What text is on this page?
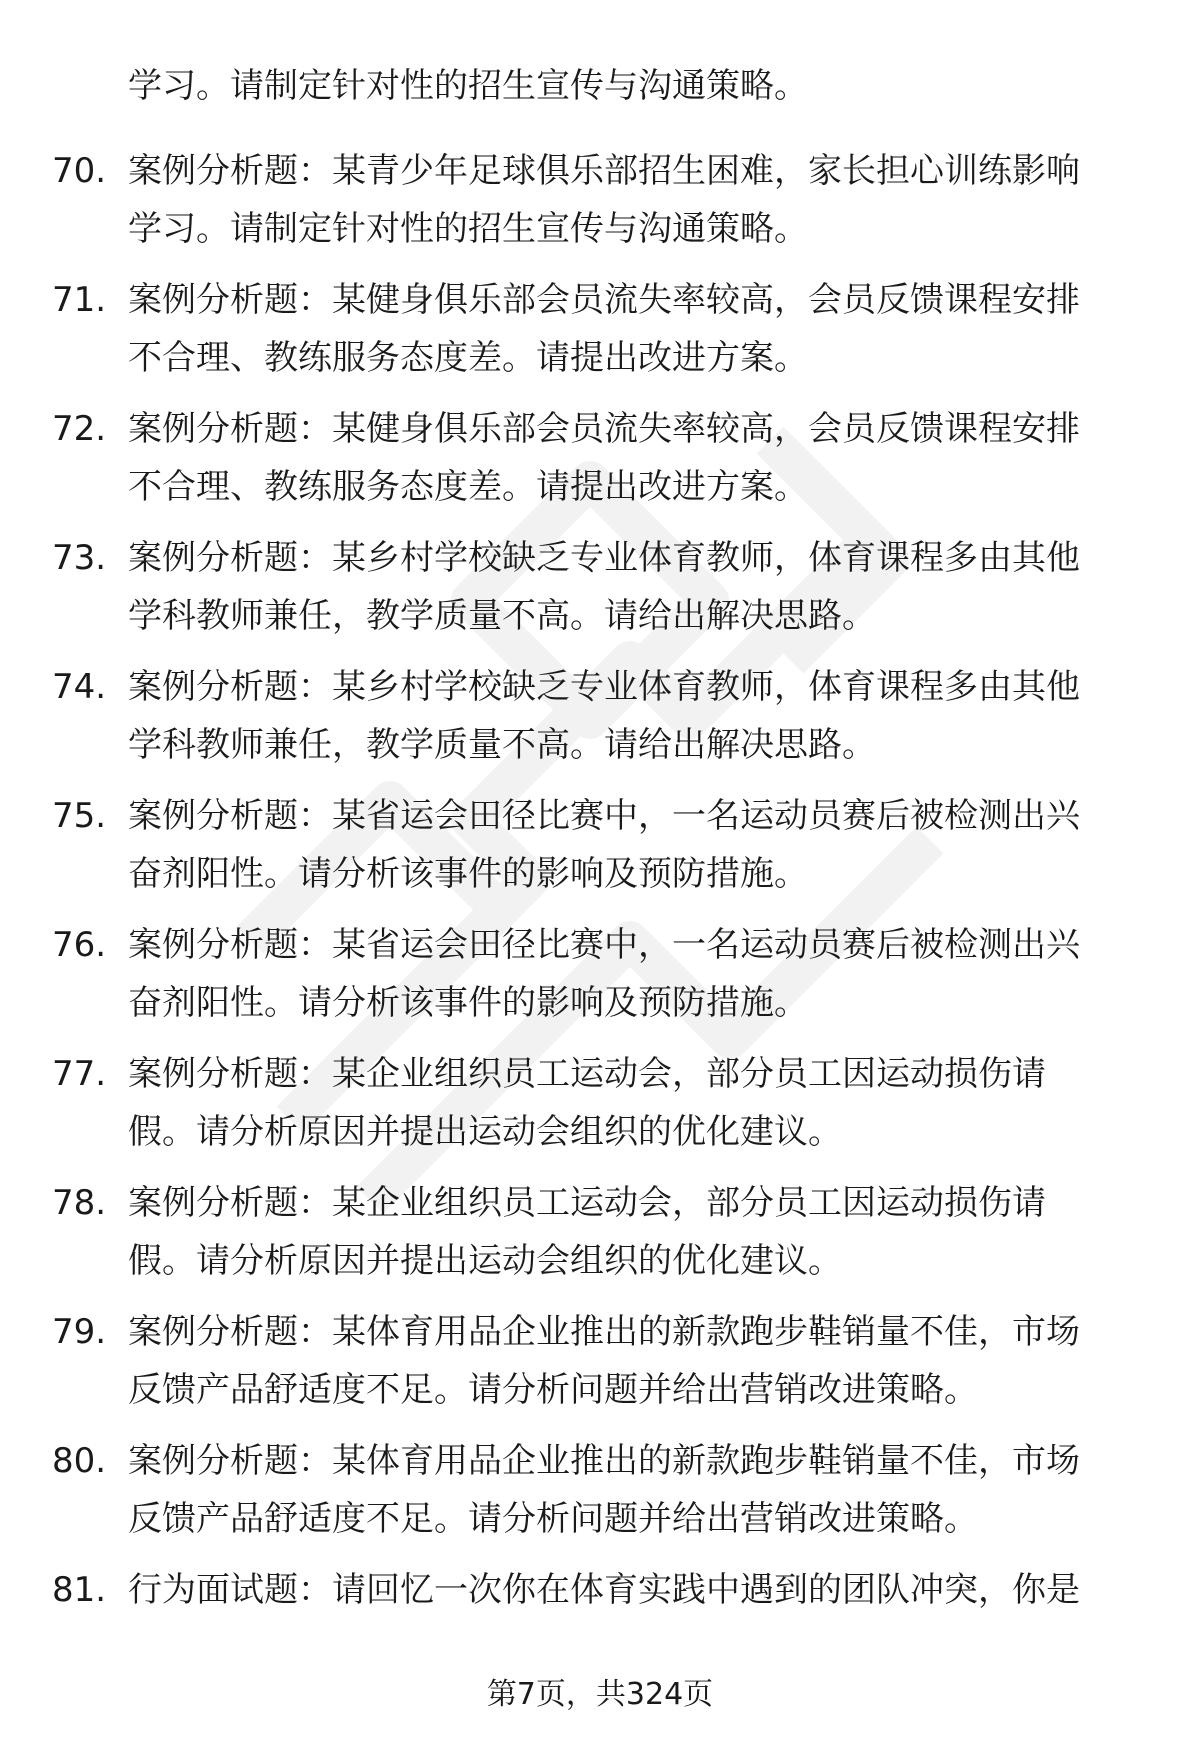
学习。请制定针对性的招生宣传与沟通策略。

70. 案例分析题：某青少年足球俱乐部招生困难，家长担心训练影响
学习。请制定针对性的招生宣传与沟通策略。
71. 案例分析题：某健身俱乐部会员流失率较高，会员反馈课程安排
不合理、教练服务态度差。请提出改进方案。
72. 案例分析题：某健身俱乐部会员流失率较高，会员反馈课程安排
不合理、教练服务态度差。请提出改进方案。
73. 案例分析题：某乡村学校缺乏专业体育教师，体育课程多由其他
学科教师兼任，教学质量不高。请给出解决思路。
74. 案例分析题：某乡村学校缺乏专业体育教师，体育课程多由其他
学科教师兼任，教学质量不高。请给出解决思路。
75. 案例分析题：某省运会田径比赛中，一名运动员赛后被检测出兴
奋剂阳性。请分析该事件的影响及预防措施。
76. 案例分析题：某省运会田径比赛中，一名运动员赛后被检测出兴
奋剂阳性。请分析该事件的影响及预防措施。
77. 案例分析题：某企业组织员工运动会，部分员工因运动损伤请
假。请分析原因并提出运动会组织的优化建议。
78. 案例分析题：某企业组织员工运动会，部分员工因运动损伤请
假。请分析原因并提出运动会组织的优化建议。
79. 案例分析题：某体育用品企业推出的新款跑步鞋销量不佳，市场
反馈产品舒适度不足。请分析问题并给出营销改进策略。
80. 案例分析题：某体育用品企业推出的新款跑步鞋销量不佳，市场
反馈产品舒适度不足。请分析问题并给出营销改进策略。
81. 行为面试题：请回忆一次你在体育实践中遇到的团队冲突，你是
第7页，共324页
